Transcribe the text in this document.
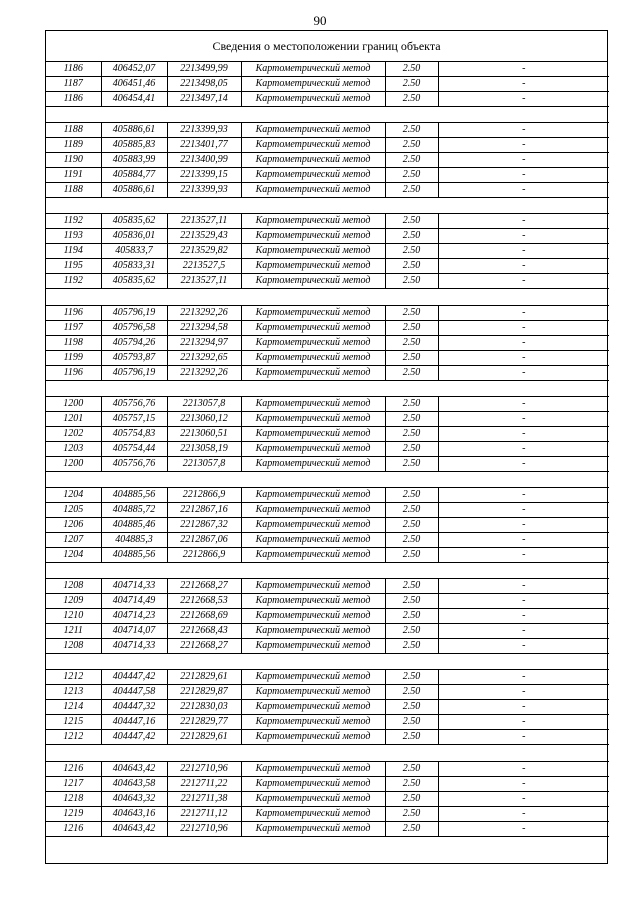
90
Сведения о местоположении границ объекта
1186	406452,07	2213499,99	Картометрический метод	2.50	-
1187	406451,46	2213498,05	Картометрический метод	2.50	-
1186	406454,41	2213497,14	Картометрический метод	2.50	-

1188	405886,61	2213399,93	Картометрический метод	2.50	-
1189	405885,83	2213401,77	Картометрический метод	2.50	-
1190	405883,99	2213400,99	Картометрический метод	2.50	-
1191	405884,77	2213399,15	Картометрический метод	2.50	-
1188	405886,61	2213399,93	Картометрический метод	2.50	-

1192	405835,62	2213527,11	Картометрический метод	2.50	-
1193	405836,01	2213529,43	Картометрический метод	2.50	-
1194	405833,7	2213529,82	Картометрический метод	2.50	-
1195	405833,31	2213527,5	Картометрический метод	2.50	-
1192	405835,62	2213527,11	Картометрический метод	2.50	-

1196	405796,19	2213292,26	Картометрический метод	2.50	-
1197	405796,58	2213294,58	Картометрический метод	2.50	-
1198	405794,26	2213294,97	Картометрический метод	2.50	-
1199	405793,87	2213292,65	Картометрический метод	2.50	-
1196	405796,19	2213292,26	Картометрический метод	2.50	-

1200	405756,76	2213057,8	Картометрический метод	2.50	-
1201	405757,15	2213060,12	Картометрический метод	2.50	-
1202	405754,83	2213060,51	Картометрический метод	2.50	-
1203	405754,44	2213058,19	Картометрический метод	2.50	-
1200	405756,76	2213057,8	Картометрический метод	2.50	-

1204	404885,56	2212866,9	Картометрический метод	2.50	-
1205	404885,72	2212867,16	Картометрический метод	2.50	-
1206	404885,46	2212867,32	Картометрический метод	2.50	-
1207	404885,3	2212867,06	Картометрический метод	2.50	-
1204	404885,56	2212866,9	Картометрический метод	2.50	-

1208	404714,33	2212668,27	Картометрический метод	2.50	-
1209	404714,49	2212668,53	Картометрический метод	2.50	-
1210	404714,23	2212668,69	Картометрический метод	2.50	-
1211	404714,07	2212668,43	Картометрический метод	2.50	-
1208	404714,33	2212668,27	Картометрический метод	2.50	-

1212	404447,42	2212829,61	Картометрический метод	2.50	-
1213	404447,58	2212829,87	Картометрический метод	2.50	-
1214	404447,32	2212830,03	Картометрический метод	2.50	-
1215	404447,16	2212829,77	Картометрический метод	2.50	-
1212	404447,42	2212829,61	Картометрический метод	2.50	-

1216	404643,42	2212710,96	Картометрический метод	2.50	-
1217	404643,58	2212711,22	Картометрический метод	2.50	-
1218	404643,32	2212711,38	Картометрический метод	2.50	-
1219	404643,16	2212711,12	Картометрический метод	2.50	-
1216	404643,42	2212710,96	Картометрический метод	2.50	-
